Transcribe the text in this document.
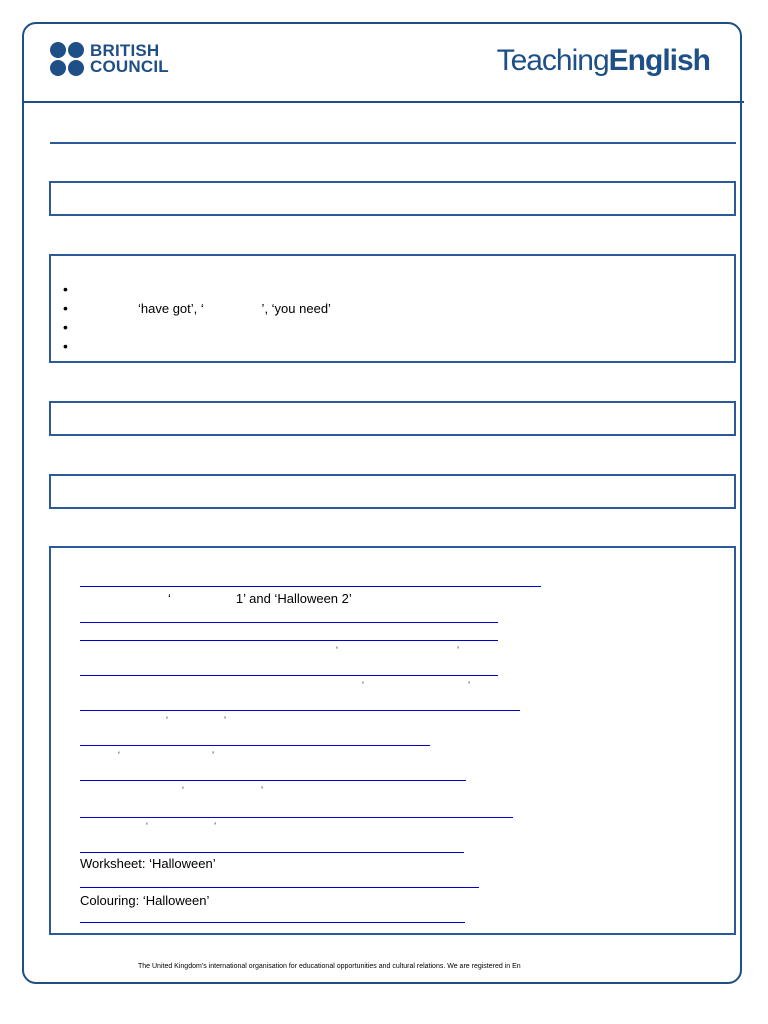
BRITISH
COUNCIL	TeachingEnglish
‘have got’, ‘                ’, ‘you need’
‘                  1’ and ‘Halloween 2’
‘	’
‘	’
‘	’
‘	’
‘	’
‘	’
Worksheet: ‘Halloween’
Colouring: ‘Halloween’
The United Kingdom’s international organisation for educational opportunities and cultural relations. We are registered in En
